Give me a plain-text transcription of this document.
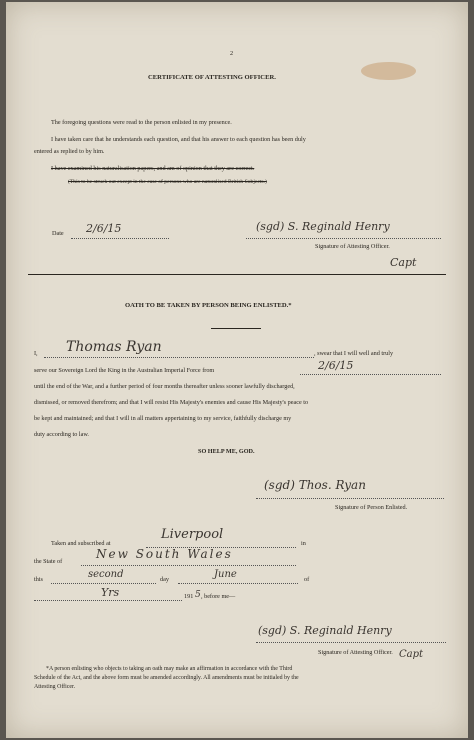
2
CERTIFICATE OF ATTESTING OFFICER.
The foregoing questions were read to the person enlisted in my presence.
I have taken care that he understands each question, and that his answer to each question has been duly
entered as replied to by him.
I have examined his naturalisation papers, and am of opinion that they are correct.
(This to be struck out except in the case of persons who are naturalised British Subjects.)
Date 2/6/15	(sgd) S. Reginald Henry
Signature of Attesting Officer.
Capt
OATH TO BE TAKEN BY PERSON BEING ENLISTED.*
I, Thomas Ryan	, swear that I will well and truly
serve our Sovereign Lord the King in the Australian Imperial Force from	2/6/15
until the end of the War, and a further period of four months thereafter unless sooner lawfully discharged,
dismissed, or removed therefrom; and that I will resist His Majesty's enemies and cause His Majesty's peace to
be kept and maintained; and that I will in all matters appertaining to my service, faithfully discharge my
duty according to law.
SO HELP ME, GOD.
(sgd) Thos. Ryan
Signature of Person Enlisted.
Taken and subscribed at
Liverpool
in
the State of
New South Wales
this	second	day	June	of
Yrs	191 5 , before me—
(sgd) S. Reginald Henry
Signature of Attesting Officer. Capt
*A person enlisting who objects to taking an oath may make an affirmation in accordance with the Third
Schedule of the Act, and the above form must be amended accordingly. All amendments must be initialed by the
Attesting Officer.
